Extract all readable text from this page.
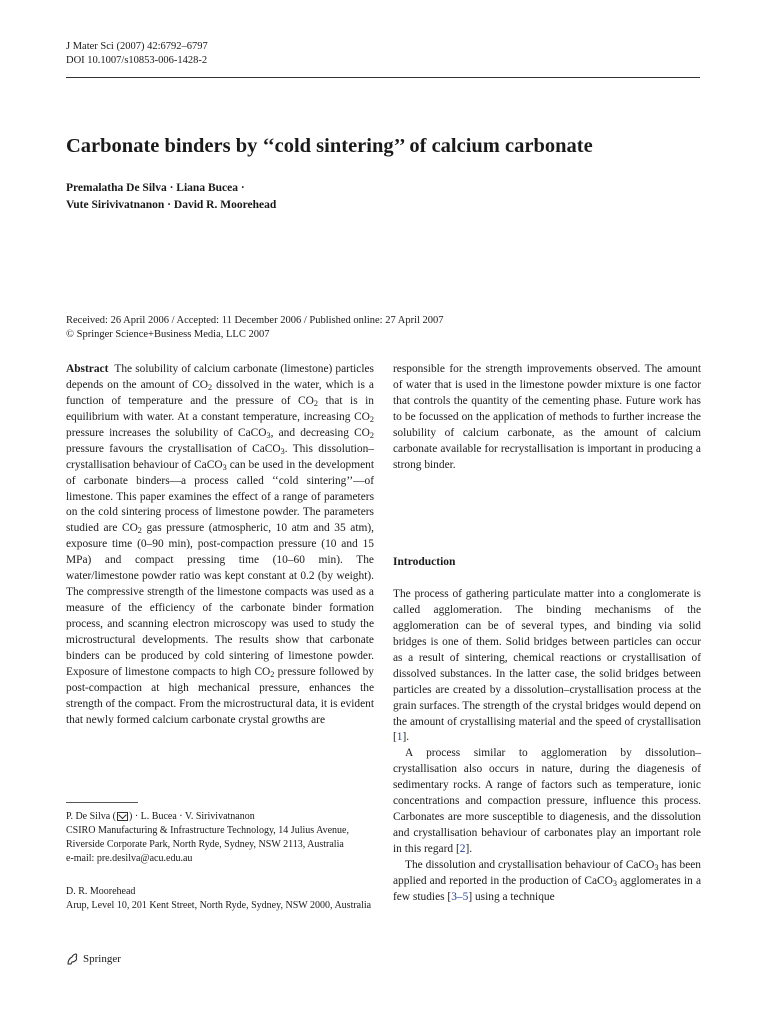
J Mater Sci (2007) 42:6792–6797
DOI 10.1007/s10853-006-1428-2
Carbonate binders by ‘‘cold sintering’’ of calcium carbonate
Premalatha De Silva · Liana Bucea ·
Vute Sirivivatnanon · David R. Moorehead
Received: 26 April 2006 / Accepted: 11 December 2006 / Published online: 27 April 2007
© Springer Science+Business Media, LLC 2007

Abstract The solubility of calcium carbonate (limestone) particles depends on the amount of $CO_2$ dissolved in the water, which is a function of temperature and the pressure of $CO_2$ that is in equilibrium with water. At a constant temperature, increasing $CO_2$ pressure increases the solubility of CaCO$_3$, and decreasing $CO_2$ pressure favours the crystallisation of CaCO$_3$. This dissolution–crystallisation behaviour of CaCO$_3$ can be used in the development of carbonate binders—a process called ‘‘cold sintering’’—of limestone. This paper examines the effect of a range of parameters on the cold sintering process of limestone powder. The parameters studied are $CO_2$ gas pressure (atmospheric, 10 atm and 35 atm), exposure time (0–90 min), post-compaction pressure (10 and 15 MPa) and compact pressing time (10–60 min). The water/limestone powder ratio was kept constant at 0.2 (by weight). The compressive strength of the limestone compacts was used as a measure of the efficiency of the carbonate binder formation process, and scanning electron microscopy was used to study the microstructural developments. The results show that carbonate binders can be produced by cold sintering of limestone powder. Exposure of limestone compacts to high $CO_2$ pressure followed by post-compaction at high mechanical pressure, enhances the strength of the compact. From the microstructural data, it is evident that newly formed calcium carbonate crystal growths are

responsible for the strength improvements observed. The amount of water that is used in the limestone powder mixture is one factor that controls the quantity of the cementing phase. Future work has to be focussed on the application of methods to further increase the solubility of calcium carbonate, as the amount of calcium carbonate available for recrystallisation is important in producing a strong binder.

Introduction

The process of gathering particulate matter into a conglomerate is called agglomeration. The binding mechanisms of the agglomeration can be of several types, and binding via solid bridges is one of them. Solid bridges between particles can occur as a result of sintering, chemical reactions or crystallisation of dissolved substances. In the latter case, the solid bridges between particles are created by a dissolution–crystallisation process at the grain surfaces. The strength of the crystal bridges would depend on the amount of crystallising material and the speed of crystallisation [1].

A process similar to agglomeration by dissolution–crystallisation also occurs in nature, during the diagenesis of sedimentary rocks. A range of factors such as temperature, ionic concentrations and compaction pressure, influence this process. Carbonates are more susceptible to diagenesis, and the dissolution and crystallisation behaviour of carbonates play an important role in this regard [2].

The dissolution and crystallisation behaviour of CaCO$_3$ has been applied and reported in the production of CaCO$_3$ agglomerates in a few studies [3–5] using a technique

P. De Silva ( ) · L. Bucea · V. Sirivivatnanon
CSIRO Manufacturing & Infrastructure Technology, 14 Julius Avenue, Riverside Corporate Park, North Ryde, Sydney, NSW 2113, Australia
e-mail: pre.desilva@acu.edu.au
D. R. Moorehead
Arup, Level 10, 201 Kent Street, North Ryde, Sydney, NSW 2000, Australia
Springer
